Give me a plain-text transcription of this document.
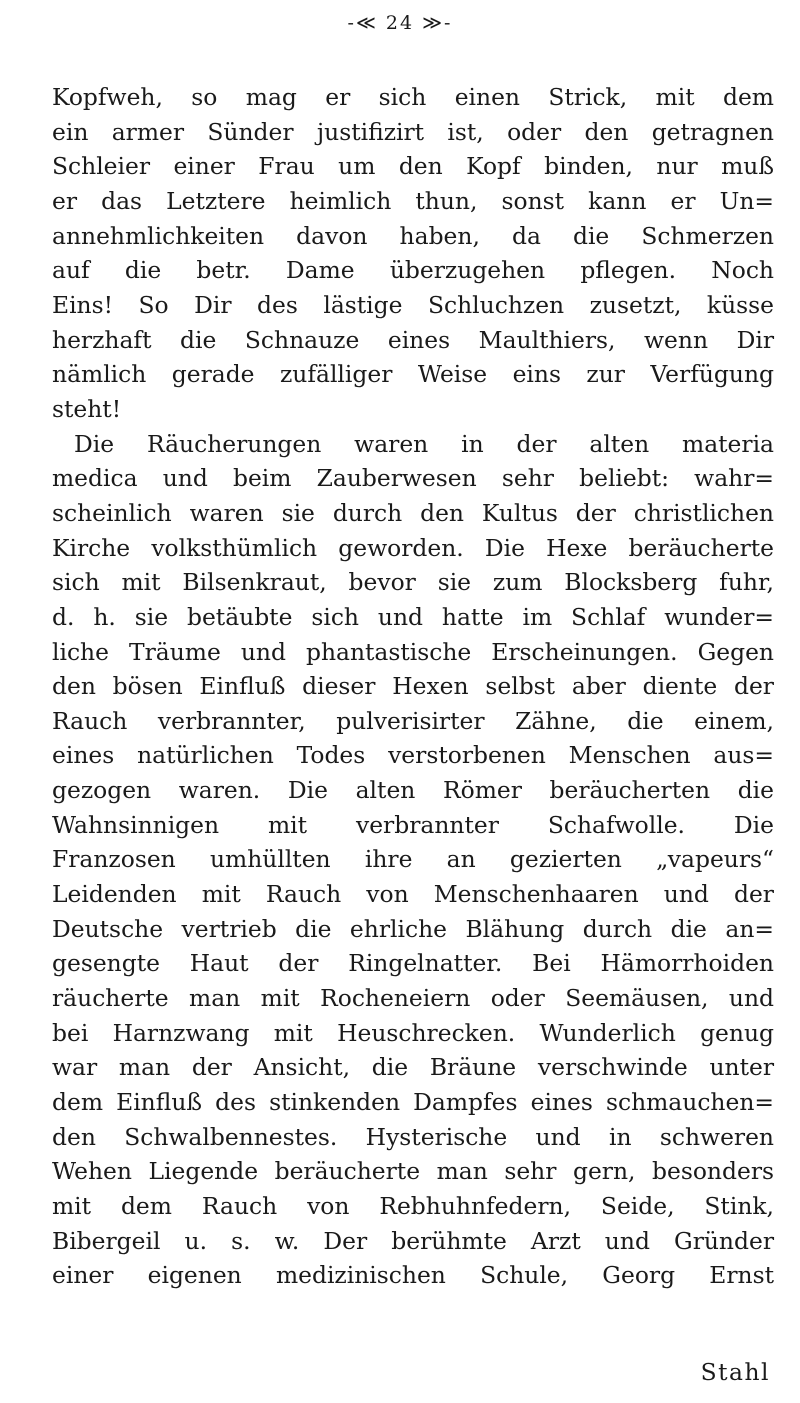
-≪ 24 ≫-
Kopfweh, so mag er sich einen Strick, mit dem
ein armer Sünder justifizirt ist, oder den getragnen
Schleier einer Frau um den Kopf binden, nur muß
er das Letztere heimlich thun, sonst kann er Un=
annehmlichkeiten davon haben, da die Schmerzen
auf die betr. Dame überzugehen pflegen. Noch
Eins! So Dir des lästige Schluchzen zusetzt, küsse
herzhaft die Schnauze eines Maulthiers, wenn Dir
nämlich gerade zufälliger Weise eins zur Verfügung
steht!
Die Räucherungen waren in der alten materia
medica und beim Zauberwesen sehr beliebt: wahr=
scheinlich waren sie durch den Kultus der christlichen
Kirche volksthümlich geworden. Die Hexe beräucherte
sich mit Bilsenkraut, bevor sie zum Blocksberg fuhr,
d. h. sie betäubte sich und hatte im Schlaf wunder=
liche Träume und phantastische Erscheinungen. Gegen
den bösen Einfluß dieser Hexen selbst aber diente der
Rauch verbrannter, pulverisirter Zähne, die einem,
eines natürlichen Todes verstorbenen Menschen aus=
gezogen waren. Die alten Römer beräucherten die
Wahnsinnigen mit verbrannter Schafwolle. Die
Franzosen umhüllten ihre an gezierten „vapeurs“
Leidenden mit Rauch von Menschenhaaren und der
Deutsche vertrieb die ehrliche Blähung durch die an=
gesengte Haut der Ringelnatter. Bei Hämorrhoiden
räucherte man mit Rocheneiern oder Seemäusen, und
bei Harnzwang mit Heuschrecken. Wunderlich genug
war man der Ansicht, die Bräune verschwinde unter
dem Einfluß des stinkenden Dampfes eines schmauchen=
den Schwalbennestes. Hysterische und in schweren
Wehen Liegende beräucherte man sehr gern, besonders
mit dem Rauch von Rebhuhnfedern, Seide, Stink,
Bibergeil u. s. w. Der berühmte Arzt und Gründer
einer eigenen medizinischen Schule, Georg Ernst
Stahl
